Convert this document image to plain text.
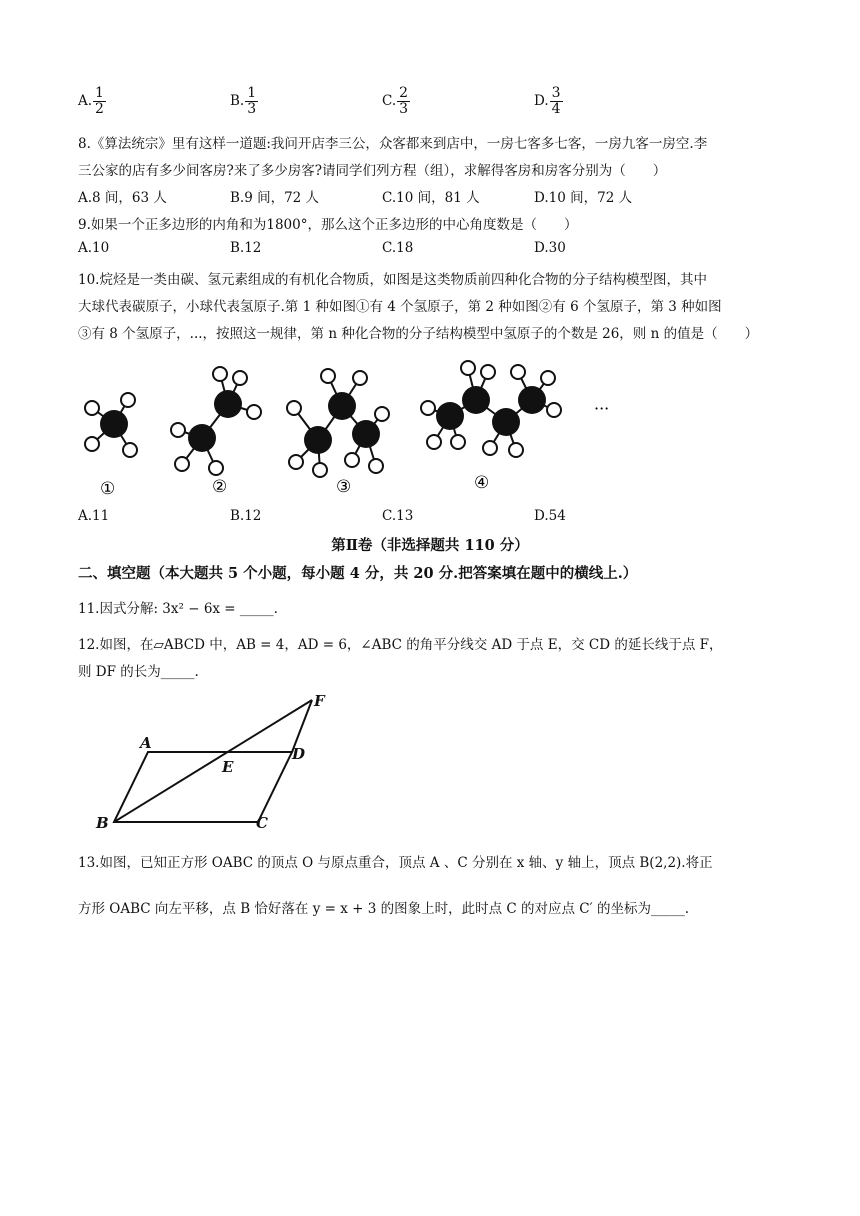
A. $\frac{1}{2}$	B. $\frac{1}{3}$	C. $\frac{2}{3}$	D. $\frac{3}{4}$
8.《算法统宗》里有这样一道题:我问开店李三公，众客都来到店中，一房七客多七客，一房九客一房空.李
三公家的店有多少间客房?来了多少房客?请同学们列方程（组），求解得客房和房客分别为（　　）
A.8 间，63 人	B.9 间，72 人	C.10 间，81 人	D.10 间，72 人
9.如果一个正多边形的内角和为1800°，那么这个正多边形的中心角度数是（　　）
A.10	B.12	C.18	D.30
10.烷烃是一类由碳、氢元素组成的有机化合物质，如图是这类物质前四种化合物的分子结构模型图，其中
大球代表碳原子，小球代表氢原子.第 1 种如图①有 4 个氢原子，第 2 种如图②有 6 个氢原子，第 3 种如图
③有 8 个氢原子，...，按照这一规律，第 n 种化合物的分子结构模型中氢原子的个数是 26，则 n 的值是（　　）
①	②	③	④
···
A.11	B.12	C.13	D.54
第Ⅱ卷（非选择题共 110 分）
二、填空题（本大题共 5 个小题，每小题 4 分，共 20 分.把答案填在题中的横线上.）
11.因式分解: 3x² − 6x = _____.
12.如图，在▱ABCD 中，AB = 4，AD = 6，∠ABC 的角平分线交 AD 于点 E，交 CD 的延长线于点 F，
则 DF 的长为_____.
A
B	C
D
E
F
13.如图，已知正方形 OABC 的顶点 O 与原点重合，顶点 A 、C 分别在 x 轴、y 轴上，顶点 B(2,2).将正
方形 OABC 向左平移，点 B 恰好落在 y = x + 3 的图象上时，此时点 C 的对应点 C′ 的坐标为_____.
